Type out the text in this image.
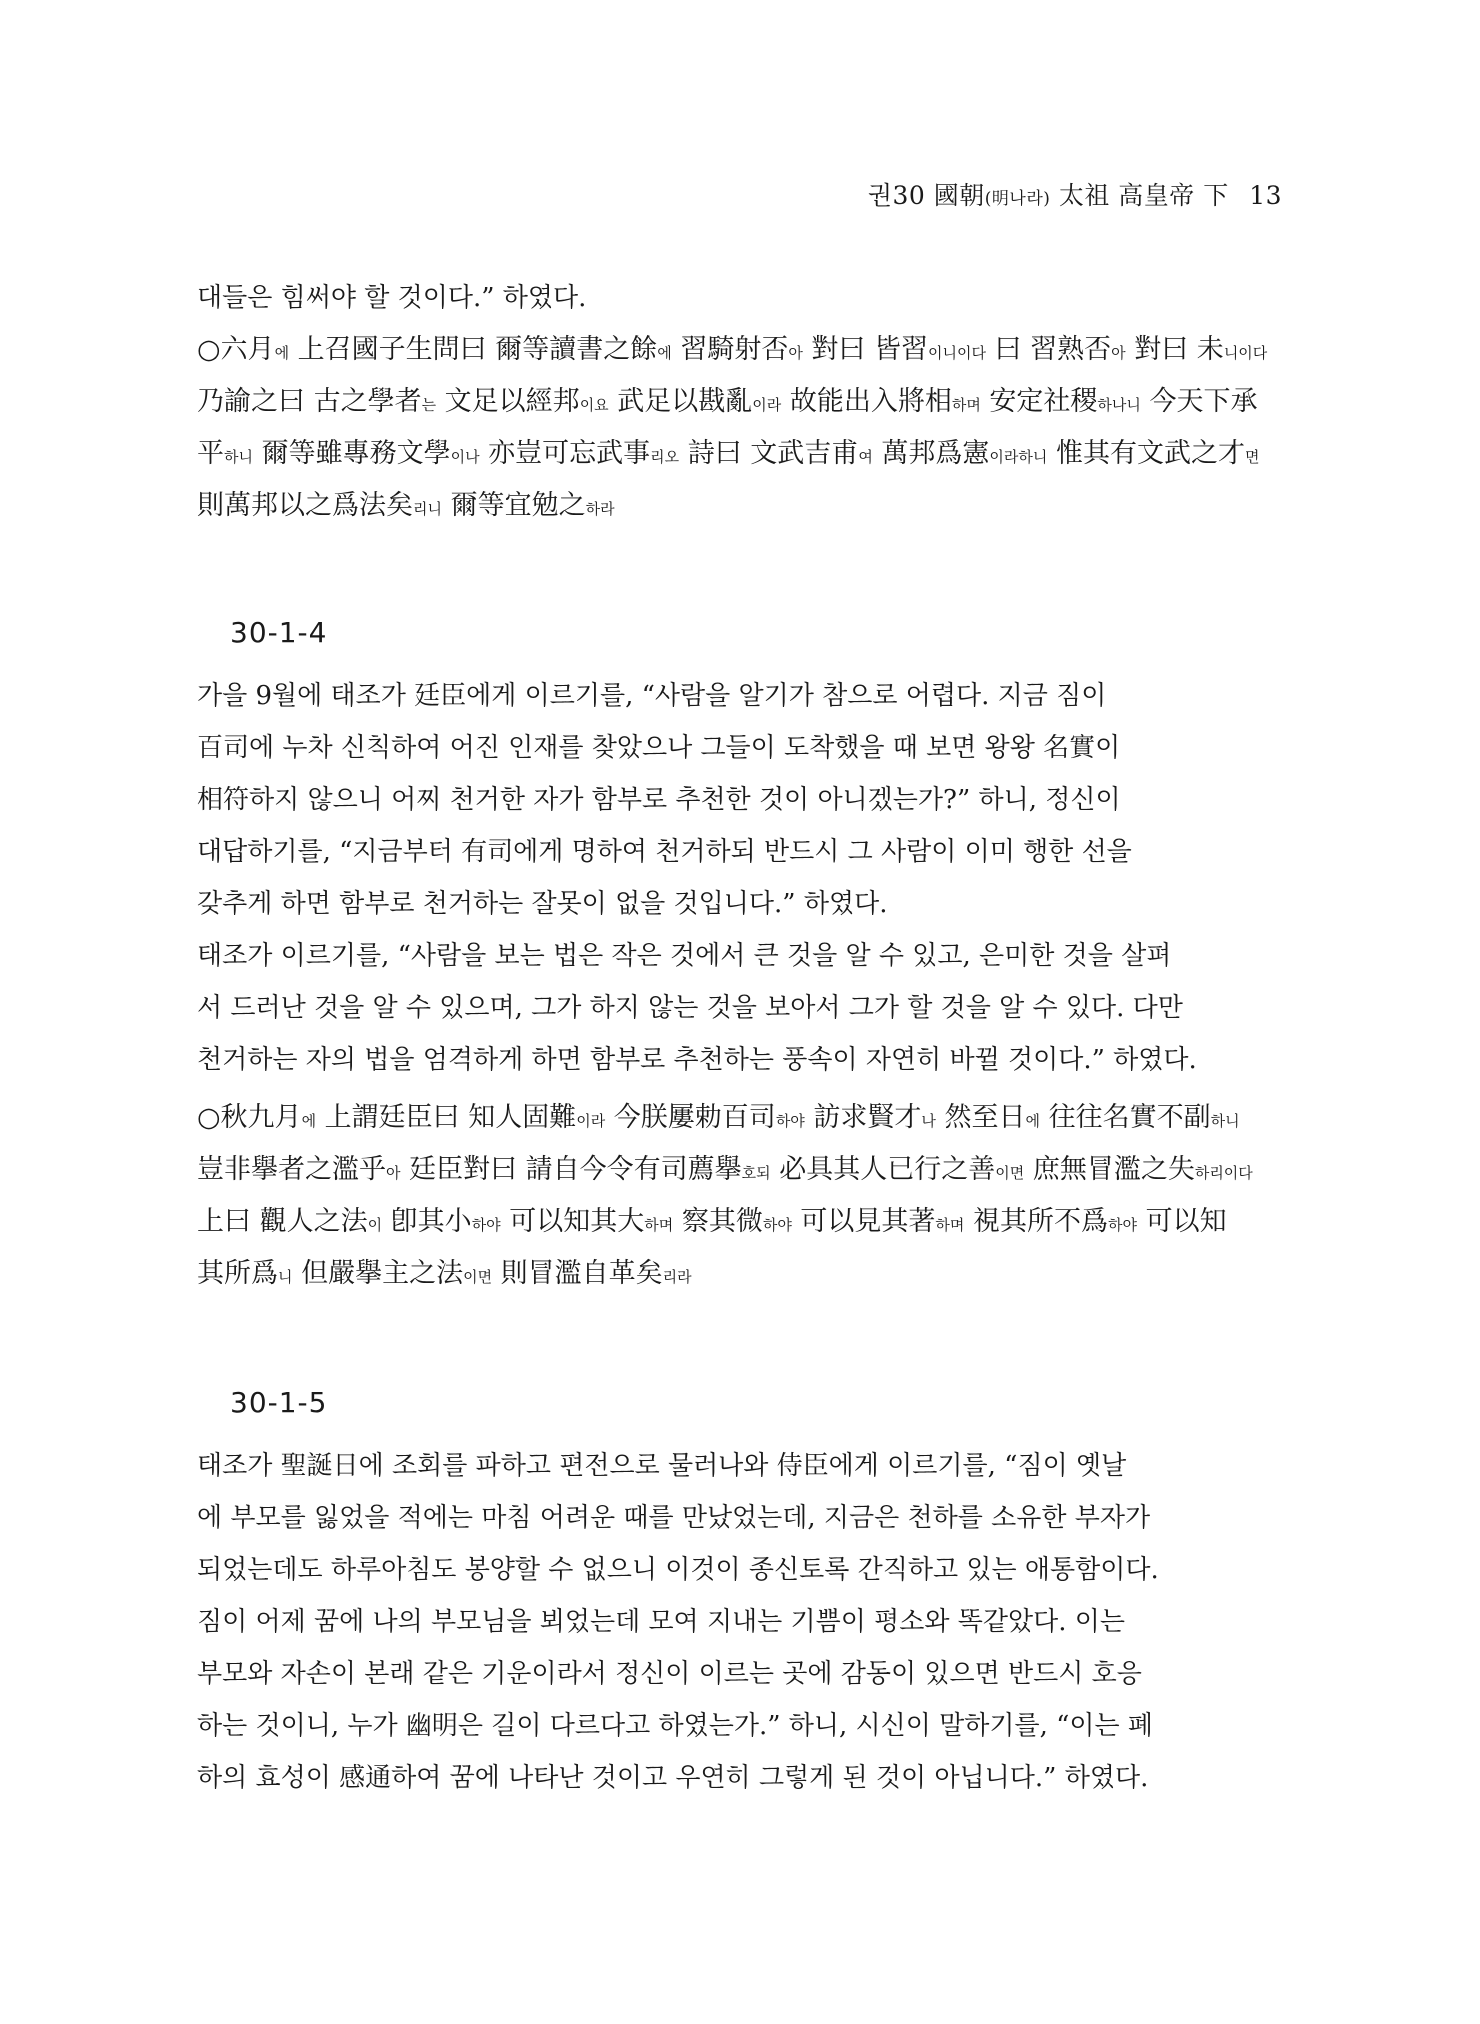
권30 國朝(明나라) 太祖 高皇帝 下 13
대들은 힘써야 할 것이다.” 하였다.
○六月에 上召國子生問曰 爾等讀書之餘에 習騎射否아 對曰 皆習이니이다 曰 習熟否아 對曰 未니이다
乃諭之曰 古之學者는 文足以經邦이요 武足以戡亂이라 故能出入將相하며 安定社稷하나니 今天下承
平하니 爾等雖專務文學이나 亦豈可忘武事리오 詩曰 文武吉甫여 萬邦爲憲이라하니 惟其有文武之才면
則萬邦以之爲法矣리니 爾等宜勉之하라
30-1-4
가을 9월에 태조가 廷臣에게 이르기를, “사람을 알기가 참으로 어렵다. 지금 짐이
百司에 누차 신칙하여 어진 인재를 찾았으나 그들이 도착했을 때 보면 왕왕 名實이
相符하지 않으니 어찌 천거한 자가 함부로 추천한 것이 아니겠는가?” 하니, 정신이
대답하기를, “지금부터 有司에게 명하여 천거하되 반드시 그 사람이 이미 행한 선을
갖추게 하면 함부로 천거하는 잘못이 없을 것입니다.” 하였다.
태조가 이르기를, “사람을 보는 법은 작은 것에서 큰 것을 알 수 있고, 은미한 것을 살펴
서 드러난 것을 알 수 있으며, 그가 하지 않는 것을 보아서 그가 할 것을 알 수 있다. 다만
천거하는 자의 법을 엄격하게 하면 함부로 추천하는 풍속이 자연히 바뀔 것이다.” 하였다.
○秋九月에 上謂廷臣曰 知人固難이라 今朕屢勅百司하야 訪求賢才나 然至日에 往往名實不副하니
豈非擧者之濫乎아 廷臣對曰 請自今令有司薦擧호되 必具其人已行之善이면 庶無冒濫之失하리이다
上曰 觀人之法이 卽其小하야 可以知其大하며 察其微하야 可以見其著하며 視其所不爲하야 可以知
其所爲니 但嚴擧主之法이면 則冒濫自革矣리라
30-1-5
태조가 聖誕日에 조회를 파하고 편전으로 물러나와 侍臣에게 이르기를, “짐이 옛날
에 부모를 잃었을 적에는 마침 어려운 때를 만났었는데, 지금은 천하를 소유한 부자가
되었는데도 하루아침도 봉양할 수 없으니 이것이 종신토록 간직하고 있는 애통함이다.
짐이 어제 꿈에 나의 부모님을 뵈었는데 모여 지내는 기쁨이 평소와 똑같았다. 이는
부모와 자손이 본래 같은 기운이라서 정신이 이르는 곳에 감동이 있으면 반드시 호응
하는 것이니, 누가 幽明은 길이 다르다고 하였는가.” 하니, 시신이 말하기를, “이는 폐
하의 효성이 感通하여 꿈에 나타난 것이고 우연히 그렇게 된 것이 아닙니다.” 하였다.
